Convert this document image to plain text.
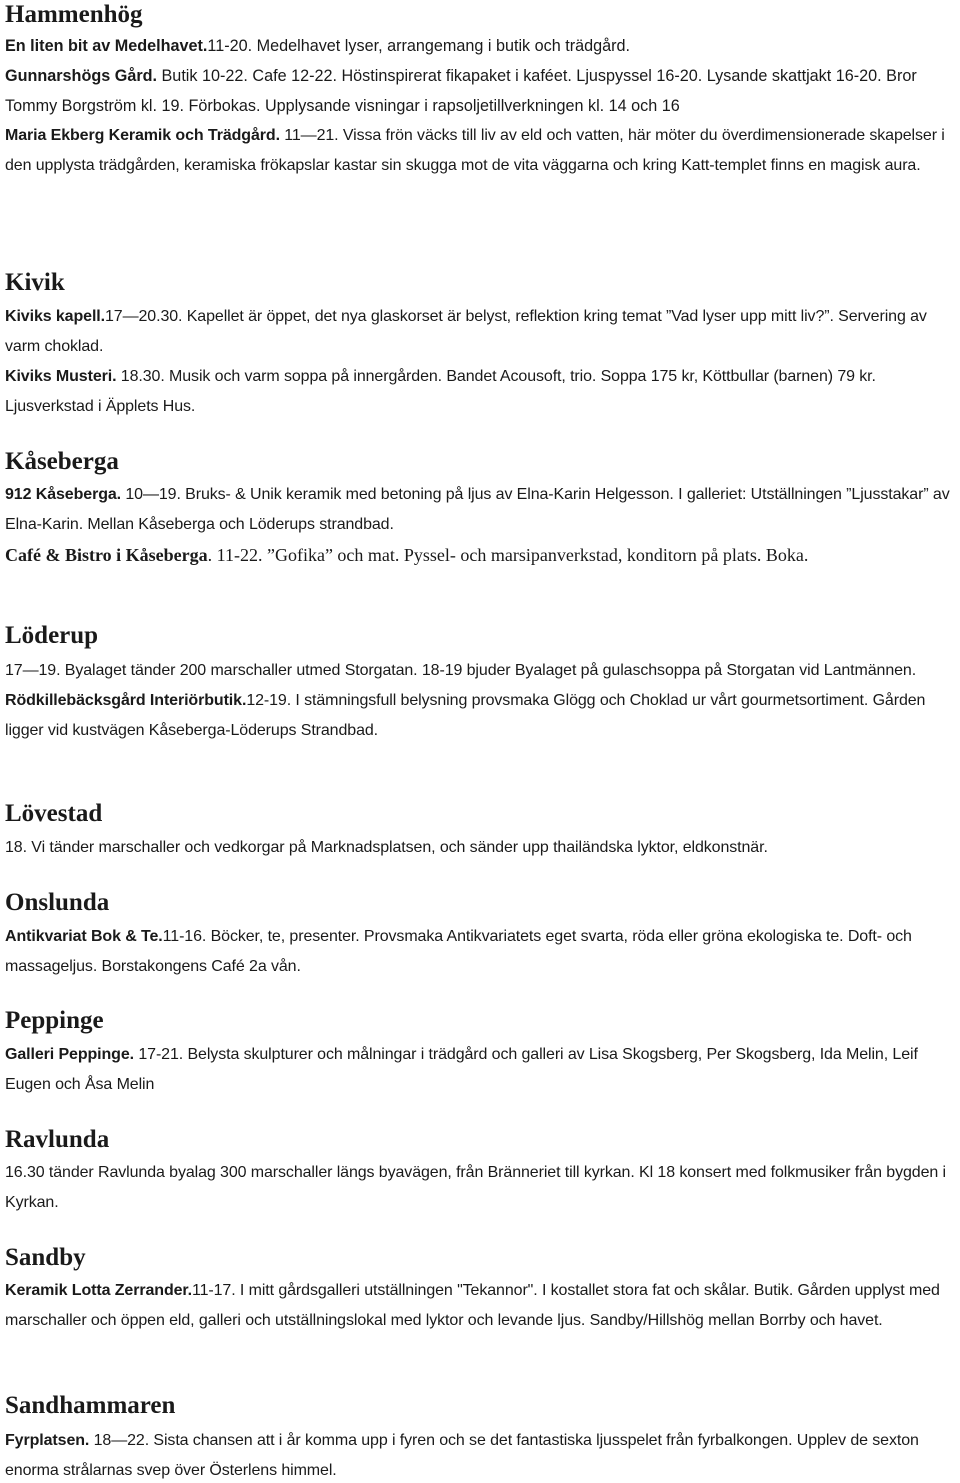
Hammenhög

En liten bit av Medelhavet.11-20. Medelhavet lyser, arrangemang i butik och trädgård.

Gunnarshögs Gård. Butik 10-22. Cafe 12-22. Höstinspirerat fikapaket i kaféet. Ljuspyssel 16-20. Lysande skattjakt 16-20. Bror Tommy Borgström kl. 19. Förbokas. Upplysande visningar i rapsoljetillverkningen kl. 14 och 16

Maria Ekberg Keramik och Trädgård. 11—21. Vissa frön väcks till liv av eld och vatten, här möter du överdimensionerade skapelser i den upplysta trädgården, keramiska frökapslar kastar sin skugga mot de vita väggarna och kring Katt-templet finns en magisk aura.

Kivik

Kiviks kapell.17—20.30. Kapellet är öppet, det nya glaskorset är belyst, reflektion kring temat ”Vad lyser upp mitt liv?”. Servering av varm choklad.

Kiviks Musteri. 18.30. Musik och varm soppa på innergården. Bandet Acousoft, trio. Soppa 175 kr, Köttbullar (barnen) 79 kr. Ljusverkstad i Äpplets Hus.

Kåseberga

912 Kåseberga. 10—19. Bruks- & Unik keramik med betoning på ljus av Elna-Karin Helgesson. I galleriet: Utställningen ”Ljusstakar” av Elna-Karin. Mellan Kåseberga och Löderups strandbad.

Café & Bistro i Kåseberga. 11-22. ”Gofika” och mat. Pyssel- och marsipanverkstad, konditorn på plats. Boka.

Löderup

17—19. Byalaget tänder 200 marschaller utmed Storgatan. 18-19 bjuder Byalaget på gulaschsoppa på Storgatan vid Lantmännen.

Rödkillebäcksgård Interiörbutik.12-19. I stämningsfull belysning provsmaka Glögg och Choklad ur vårt gourmetsortiment. Gården ligger vid kustvägen Kåseberga-Löderups Strandbad.

Lövestad

18. Vi tänder marschaller och vedkorgar på Marknadsplatsen, och sänder upp thailändska lyktor, eldkonstnär.

Onslunda

Antikvariat Bok & Te.11-16. Böcker, te, presenter. Provsmaka Antikvariatets eget svarta, röda eller gröna ekologiska te. Doft- och massageljus. Borstakongens Café 2a vån.

Peppinge

Galleri Peppinge. 17-21. Belysta skulpturer och målningar i trädgård och galleri av Lisa Skogsberg, Per Skogsberg, Ida Melin, Leif Eugen och Åsa Melin

Ravlunda

16.30 tänder Ravlunda byalag 300 marschaller längs byavägen, från Bränneriet till kyrkan. Kl 18 konsert med folkmusiker från bygden i Kyrkan.

Sandby

Keramik Lotta Zerrander.11-17. I mitt gårdsgalleri utställningen "Tekannor". I kostallet stora fat och skålar. Butik. Gården upplyst med marschaller och öppen eld, galleri och utställningslokal med lyktor och levande ljus. Sandby/Hillshög mellan Borrby och havet.

Sandhammaren

Fyrplatsen. 18—22. Sista chansen att i år komma upp i fyren och se det fantastiska ljusspelet från fyrbalkongen. Upplev de sexton enorma strålarnas svep över Österlens himmel.
